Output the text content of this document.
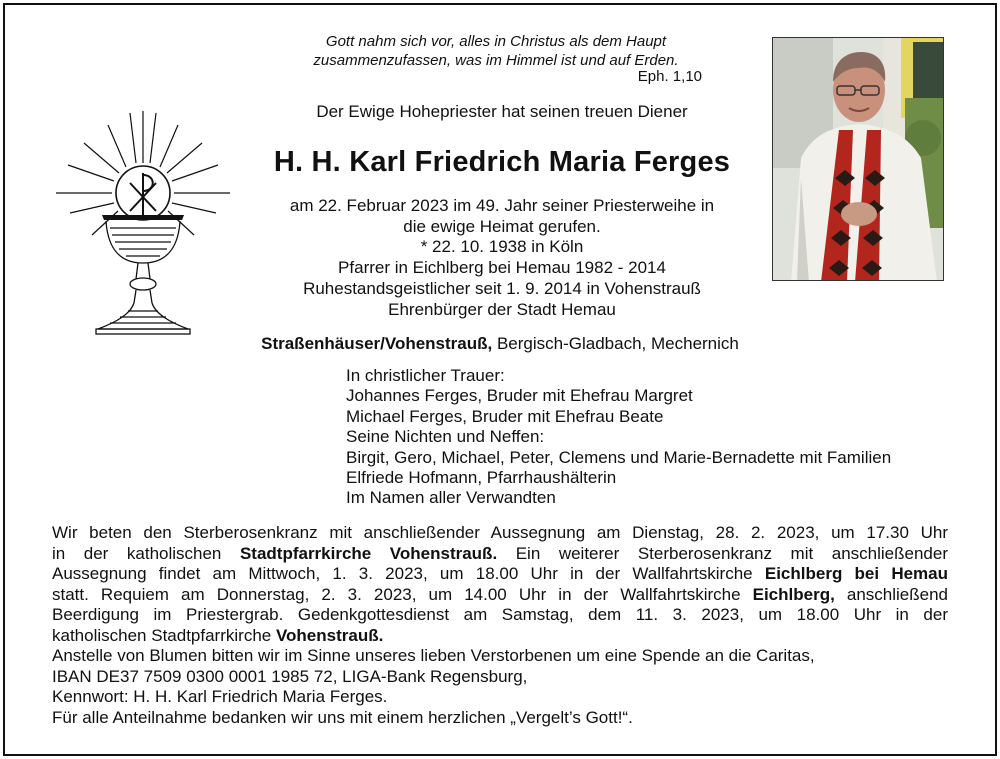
Gott nahm sich vor, alles in Christus als dem Haupt
zusammenzufassen, was im Himmel ist und auf Erden.
Eph. 1,10
Der Ewige Hohepriester hat seinen treuen Diener
H. H. Karl Friedrich Maria Ferges
am 22. Februar 2023 im 49. Jahr seiner Priesterweihe in
die ewige Heimat gerufen.
* 22. 10. 1938 in Köln
Pfarrer in Eichlberg bei Hemau 1982 - 2014
Ruhestandsgeistlicher seit 1. 9. 2014 in Vohenstrauß
Ehrenbürger der Stadt Hemau
Straßenhäuser/Vohenstrauß, Bergisch-Gladbach, Mechernich
In christlicher Trauer:
Johannes Ferges, Bruder mit Ehefrau Margret
Michael Ferges, Bruder mit Ehefrau Beate
Seine Nichten und Neffen:
Birgit, Gero, Michael, Peter, Clemens und Marie-Bernadette mit Familien
Elfriede Hofmann, Pfarrhaushälterin
Im Namen aller Verwandten
Wir beten den Sterberosenkranz mit anschließender Aussegnung am Dienstag, 28. 2. 2023, um 17.30 Uhr
in der katholischen Stadtpfarrkirche Vohenstrauß. Ein weiterer Sterberosenkranz mit anschließender
Aussegnung findet am Mittwoch, 1. 3. 2023, um 18.00 Uhr in der Wallfahrtskirche Eichlberg bei Hemau
statt. Requiem am Donnerstag, 2. 3. 2023, um 14.00 Uhr in der Wallfahrtskirche Eichlberg, anschließend
Beerdigung im Priestergrab. Gedenkgottesdienst am Samstag, dem 11. 3. 2023, um 18.00 Uhr in der
katholischen Stadtpfarrkirche Vohenstrauß.
Anstelle von Blumen bitten wir im Sinne unseres lieben Verstorbenen um eine Spende an die Caritas,
IBAN DE37 7509 0300 0001 1985 72, LIGA-Bank Regensburg,
Kennwort: H. H. Karl Friedrich Maria Ferges.
Für alle Anteilnahme bedanken wir uns mit einem herzlichen „Vergelt’s Gott!“.
